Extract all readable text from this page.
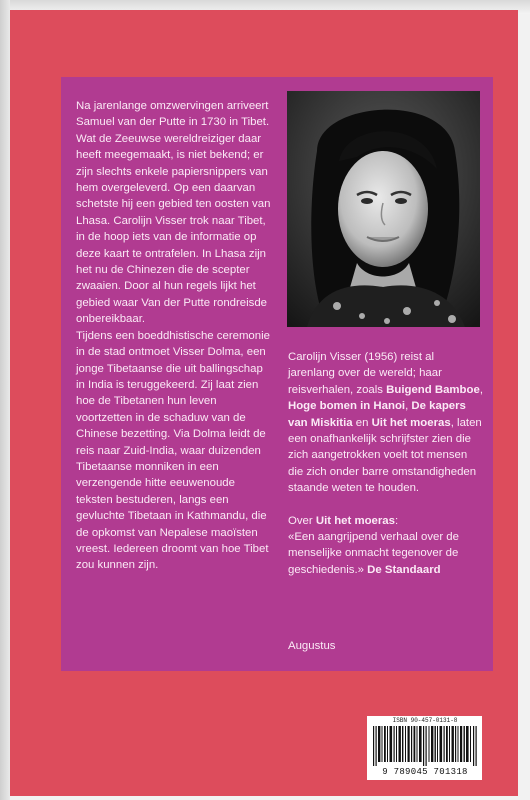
Na jarenlange omzwervingen arriveert Samuel van der Putte in 1730 in Tibet. Wat de Zeeuwse wereldreiziger daar heeft meegemaakt, is niet bekend; er zijn slechts enkele papiersnippers van hem overgeleverd. Op een daarvan schetste hij een gebied ten oosten van Lhasa. Carolijn Visser trok naar Tibet, in de hoop iets van de informatie op deze kaart te ontrafelen. In Lhasa zijn het nu de Chinezen die de scepter zwaaien. Door al hun regels lijkt het gebied waar Van der Putte rondreisde onbereikbaar.

Tijdens een boeddhistische ceremonie in de stad ontmoet Visser Dolma, een jonge Tibetaanse die uit ballingschap in India is teruggekeerd. Zij laat zien hoe de Tibetanen hun leven voortzetten in de schaduw van de Chinese bezetting. Via Dolma leidt de reis naar Zuid-India, waar duizenden Tibetaanse monniken in een verzengende hitte eeuwenoude teksten bestuderen, langs een gevluchte Tibetaan in Kathmandu, die de opkomst van Nepalese maoïsten vreest. Iedereen droomt van hoe Tibet zou kunnen zijn.

Carolijn Visser (1956) reist al jarenlang over de wereld; haar reisverhalen, zoals Buigend Bamboe, Hoge bomen in Hanoi, De kapers van Miskitia en Uit het moeras, laten een onafhankelijk schrijfster zien die zich aangetrokken voelt tot mensen die zich onder barre omstandigheden staande weten te houden.

Over Uit het moeras:

«Een aangrijpend verhaal over de menselijke onmacht tegenover de geschiedenis.» De Standaard

Augustus
ISBN 90-457-0131-8
9 789045 701318
